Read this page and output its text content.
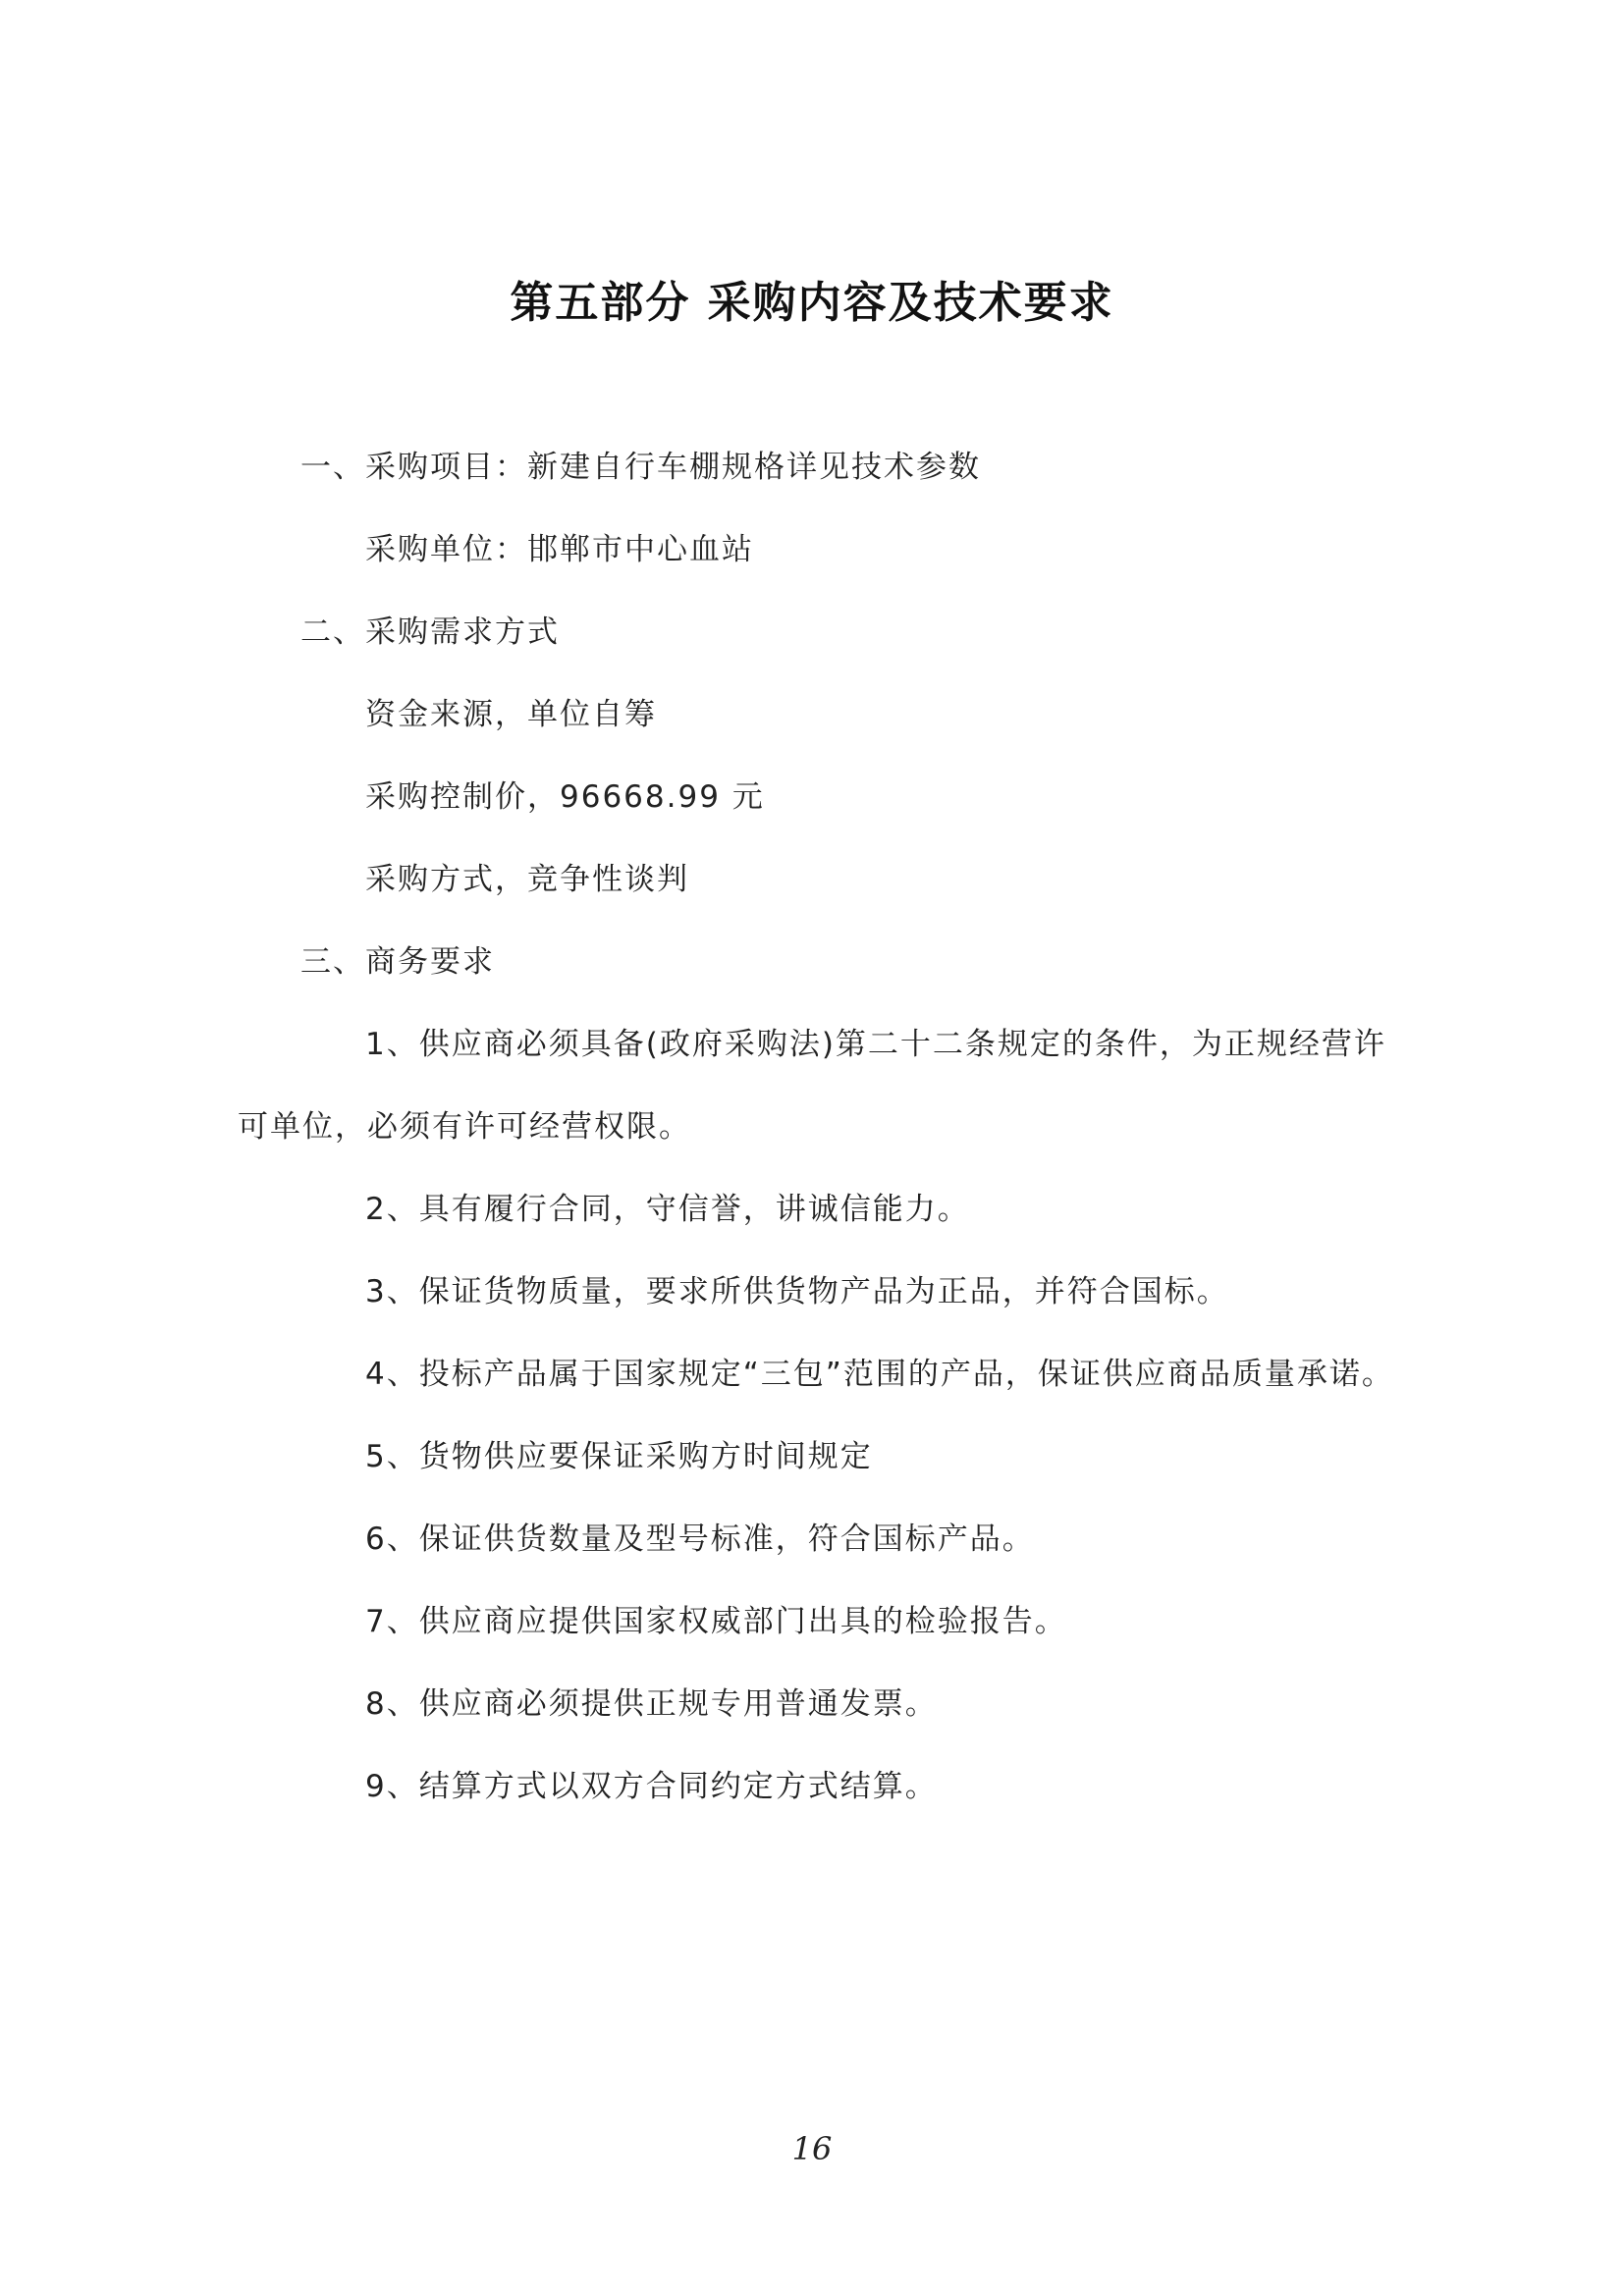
第五部分 采购内容及技术要求
一、采购项目：新建自行车棚规格详见技术参数
采购单位：邯郸市中心血站
二、采购需求方式
资金来源，单位自筹
采购控制价，96668.99 元
采购方式，竞争性谈判
三、商务要求
1、供应商必须具备(政府采购法)第二十二条规定的条件，为正规经营许
可单位，必须有许可经营权限。
2、具有履行合同，守信誉，讲诚信能力。
3、保证货物质量，要求所供货物产品为正品，并符合国标。
4、投标产品属于国家规定“三包”范围的产品，保证供应商品质量承诺。
5、货物供应要保证采购方时间规定
6、保证供货数量及型号标准，符合国标产品。
7、供应商应提供国家权威部门出具的检验报告。
8、供应商必须提供正规专用普通发票。
9、结算方式以双方合同约定方式结算。
16
